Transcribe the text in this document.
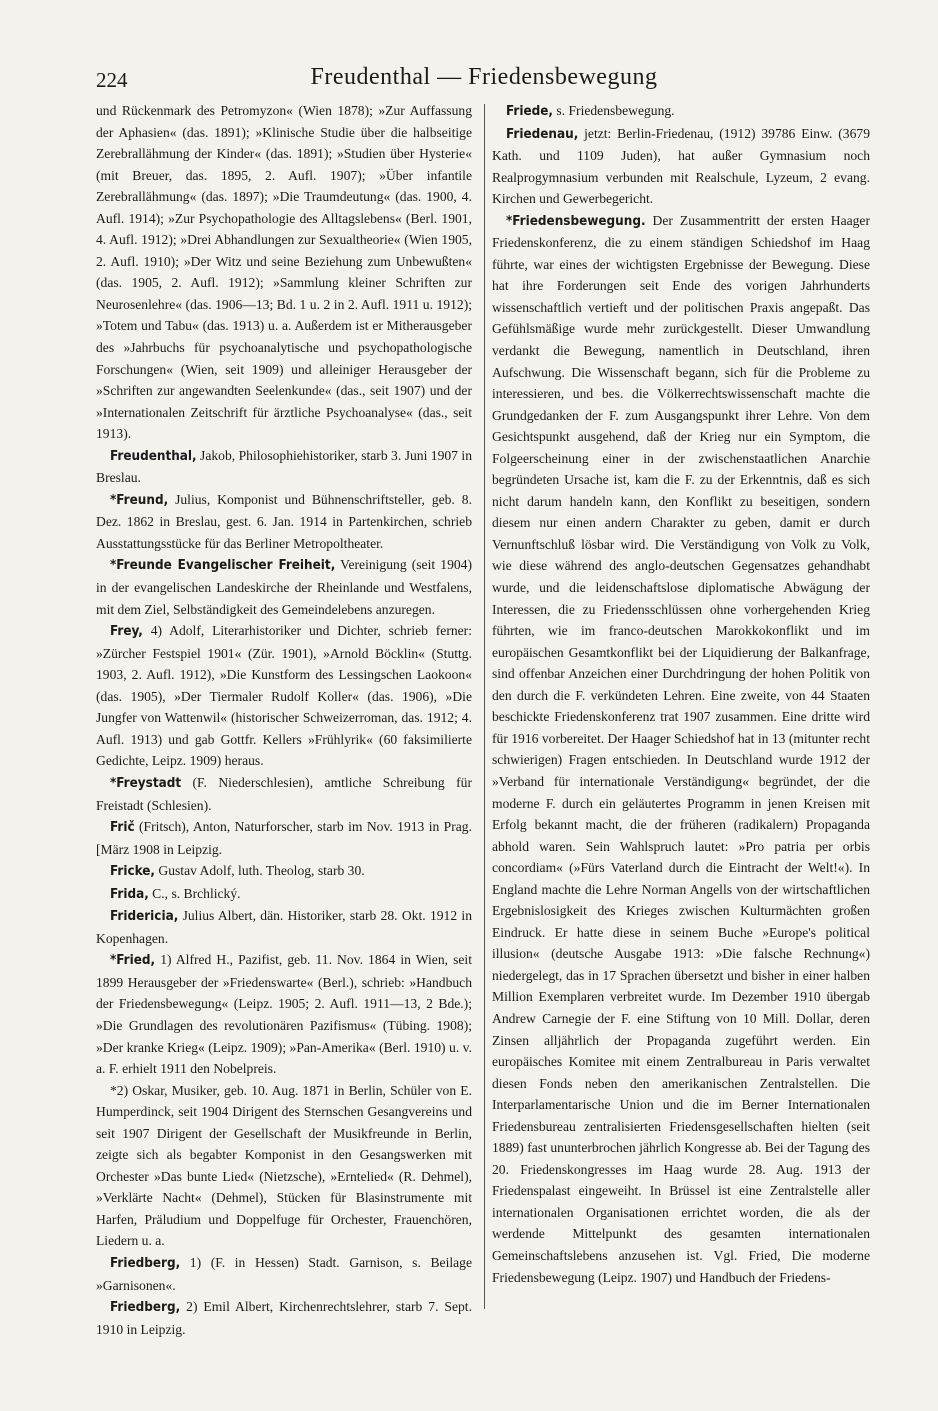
224	Freudenthal — Friedensbewegung

und Rückenmark des Petromyzon« (Wien 1878); »Zur Auffassung der Aphasien« (das. 1891); »Klinische Studie über die halbseitige Zerebrallähmung der Kinder« (das. 1891); »Studien über Hysterie« (mit Breuer, das. 1895, 2. Aufl. 1907); »Über infantile Zerebrallähmung« (das. 1897); »Die Traumdeutung« (das. 1900, 4. Aufl. 1914); »Zur Psychopathologie des Alltagslebens« (Berl. 1901, 4. Aufl. 1912); »Drei Abhandlungen zur Sexualtheorie« (Wien 1905, 2. Aufl. 1910); »Der Witz und seine Beziehung zum Unbewußten« (das. 1905, 2. Aufl. 1912); »Sammlung kleiner Schriften zur Neurosenlehre« (das. 1906—13; Bd. 1 u. 2 in 2. Aufl. 1911 u. 1912); »Totem und Tabu« (das. 1913) u. a. Außerdem ist er Mitherausgeber des »Jahrbuchs für psychoanalytische und psychopathologische Forschungen« (Wien, seit 1909) und alleiniger Herausgeber der »Schriften zur angewandten Seelenkunde« (das., seit 1907) und der »Internationalen Zeitschrift für ärztliche Psychoanalyse« (das., seit 1913).

Freudenthal, Jakob, Philosophiehistoriker, starb 3. Juni 1907 in Breslau.

*Freund, Julius, Komponist und Bühnenschriftsteller, geb. 8. Dez. 1862 in Breslau, gest. 6. Jan. 1914 in Partenkirchen, schrieb Ausstattungsstücke für das Berliner Metropoltheater.

*Freunde Evangelischer Freiheit, Vereinigung (seit 1904) in der evangelischen Landeskirche der Rheinlande und Westfalens, mit dem Ziel, Selbständigkeit des Gemeindelebens anzuregen.

Frey, 4) Adolf, Literarhistoriker und Dichter, schrieb ferner: »Zürcher Festspiel 1901« (Zür. 1901), »Arnold Böcklin« (Stuttg. 1903, 2. Aufl. 1912), »Die Kunstform des Lessingschen Laokoon« (das. 1905), »Der Tiermaler Rudolf Koller« (das. 1906), »Die Jungfer von Wattenwil« (historischer Schweizerroman, das. 1912; 4. Aufl. 1913) und gab Gottfr. Kellers »Frühlyrik« (60 faksimilierte Gedichte, Leipz. 1909) heraus.

*Freystadt (F. Niederschlesien), amtliche Schreibung für Freistadt (Schlesien).

Frič (Fritsch), Anton, Naturforscher, starb im Nov. 1913 in Prag. [März 1908 in Leipzig.

Fricke, Gustav Adolf, luth. Theolog, starb 30.

Frida, C., s. Brchlický.

Fridericia, Julius Albert, dän. Historiker, starb 28. Okt. 1912 in Kopenhagen.

*Fried, 1) Alfred H., Pazifist, geb. 11. Nov. 1864 in Wien, seit 1899 Herausgeber der »Friedenswarte« (Berl.), schrieb: »Handbuch der Friedensbewegung« (Leipz. 1905; 2. Aufl. 1911—13, 2 Bde.); »Die Grundlagen des revolutionären Pazifismus« (Tübing. 1908); »Der kranke Krieg« (Leipz. 1909); »Pan-Amerika« (Berl. 1910) u. v. a. F. erhielt 1911 den Nobelpreis.

*2) Oskar, Musiker, geb. 10. Aug. 1871 in Berlin, Schüler von E. Humperdinck, seit 1904 Dirigent des Sternschen Gesangvereins und seit 1907 Dirigent der Gesellschaft der Musikfreunde in Berlin, zeigte sich als begabter Komponist in den Gesangswerken mit Orchester »Das bunte Lied« (Nietzsche), »Erntelied« (R. Dehmel), »Verklärte Nacht« (Dehmel), Stücken für Blasinstrumente mit Harfen, Präludium und Doppelfuge für Orchester, Frauenchören, Liedern u. a.

Friedberg, 1) (F. in Hessen) Stadt. Garnison, s. Beilage »Garnisonen«.

Friedberg, 2) Emil Albert, Kirchenrechtslehrer, starb 7. Sept. 1910 in Leipzig.

Friede, s. Friedensbewegung.

Friedenau, jetzt: Berlin-Friedenau, (1912) 39786 Einw. (3679 Kath. und 1109 Juden), hat außer Gymnasium noch Realprogymnasium verbunden mit Realschule, Lyzeum, 2 evang. Kirchen und Gewerbegericht.

*Friedensbewegung. Der Zusammentritt der ersten Haager Friedenskonferenz, die zu einem ständigen Schiedshof im Haag führte, war eines der wichtigsten Ergebnisse der Bewegung. Diese hat ihre Forderungen seit Ende des vorigen Jahrhunderts wissenschaftlich vertieft und der politischen Praxis angepaßt. Das Gefühlsmäßige wurde mehr zurückgestellt. Dieser Umwandlung verdankt die Bewegung, namentlich in Deutschland, ihren Aufschwung. Die Wissenschaft begann, sich für die Probleme zu interessieren, und bes. die Völkerrechtswissenschaft machte die Grundgedanken der F. zum Ausgangspunkt ihrer Lehre. Von dem Gesichtspunkt ausgehend, daß der Krieg nur ein Symptom, die Folgeerscheinung einer in der zwischenstaatlichen Anarchie begründeten Ursache ist, kam die F. zu der Erkenntnis, daß es sich nicht darum handeln kann, den Konflikt zu beseitigen, sondern diesem nur einen andern Charakter zu geben, damit er durch Vernunftschluß lösbar wird. Die Verständigung von Volk zu Volk, wie diese während des anglo-deutschen Gegensatzes gehandhabt wurde, und die leidenschaftslose diplomatische Abwägung der Interessen, die zu Friedensschlüssen ohne vorhergehenden Krieg führten, wie im franco-deutschen Marokkokonflikt und im europäischen Gesamtkonflikt bei der Liquidierung der Balkanfrage, sind offenbar Anzeichen einer Durchdringung der hohen Politik von den durch die F. verkündeten Lehren. Eine zweite, von 44 Staaten beschickte Friedenskonferenz trat 1907 zusammen. Eine dritte wird für 1916 vorbereitet. Der Haager Schiedshof hat in 13 (mitunter recht schwierigen) Fragen entschieden. In Deutschland wurde 1912 der »Verband für internationale Verständigung« begründet, der die moderne F. durch ein geläutertes Programm in jenen Kreisen mit Erfolg bekannt macht, die der früheren (radikalern) Propaganda abhold waren. Sein Wahlspruch lautet: »Pro patria per orbis concordiam« (»Fürs Vaterland durch die Eintracht der Welt!«). In England machte die Lehre Norman Angells von der wirtschaftlichen Ergebnislosigkeit des Krieges zwischen Kulturmächten großen Eindruck. Er hatte diese in seinem Buche »Europe's political illusion« (deutsche Ausgabe 1913: »Die falsche Rechnung«) niedergelegt, das in 17 Sprachen übersetzt und bisher in einer halben Million Exemplaren verbreitet wurde. Im Dezember 1910 übergab Andrew Carnegie der F. eine Stiftung von 10 Mill. Dollar, deren Zinsen alljährlich der Propaganda zugeführt werden. Ein europäisches Komitee mit einem Zentralbureau in Paris verwaltet diesen Fonds neben den amerikanischen Zentralstellen. Die Interparlamentarische Union und die im Berner Internationalen Friedensbureau zentralisierten Friedensgesellschaften hielten (seit 1889) fast ununterbrochen jährlich Kongresse ab. Bei der Tagung des 20. Friedenskongresses im Haag wurde 28. Aug. 1913 der Friedenspalast eingeweiht. In Brüssel ist eine Zentralstelle aller internationalen Organisationen errichtet worden, die als der werdende Mittelpunkt des gesamten internationalen Gemeinschaftslebens anzusehen ist. Vgl. Fried, Die moderne Friedensbewegung (Leipz. 1907) und Handbuch der Friedens-
